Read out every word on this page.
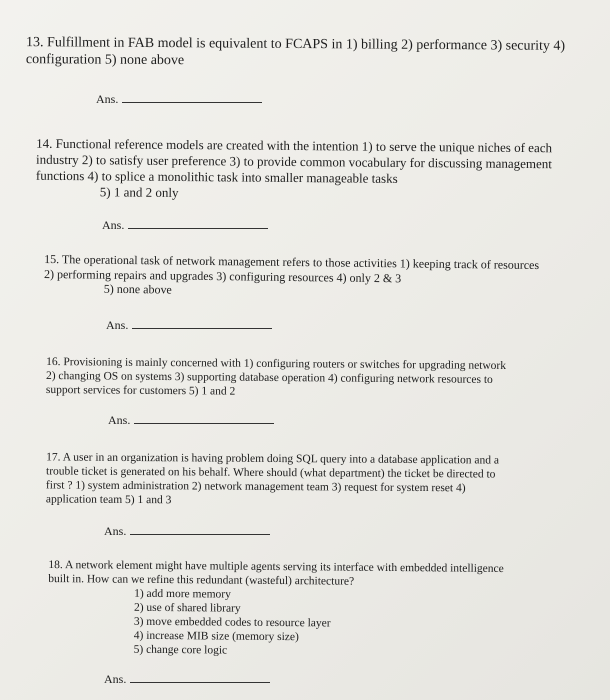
13. Fulfillment in FAB model is equivalent to FCAPS in 1) billing 2) performance 3) security 4)

configuration 5) none above

Ans.

14. Functional reference models are created with the intention 1) to serve the unique niches of each

industry 2) to satisfy user preference 3) to provide common vocabulary for discussing management

functions 4) to splice a monolithic task into smaller manageable tasks

5) 1 and 2 only

Ans.

15. The operational task of network management refers to those activities 1) keeping track of resources

2) performing repairs and upgrades 3) configuring resources 4) only 2 & 3

5) none above

Ans.

16. Provisioning is mainly concerned with 1) configuring routers or switches for upgrading network

2) changing OS on systems 3) supporting database operation 4) configuring network resources to

support services for customers 5) 1 and 2

Ans.

17. A user in an organization is having problem doing SQL query into a database application and a

trouble ticket is generated on his behalf. Where should (what department) the ticket be directed to

first ? 1) system administration 2) network management team 3) request for system reset 4)

application team 5) 1 and 3

Ans.

18. A network element might have multiple agents serving its interface with embedded intelligence

built in. How can we refine this redundant (wasteful) architecture?

1) add more memory

2) use of shared library

3) move embedded codes to resource layer

4) increase MIB size (memory size)

5) change core logic

Ans.
